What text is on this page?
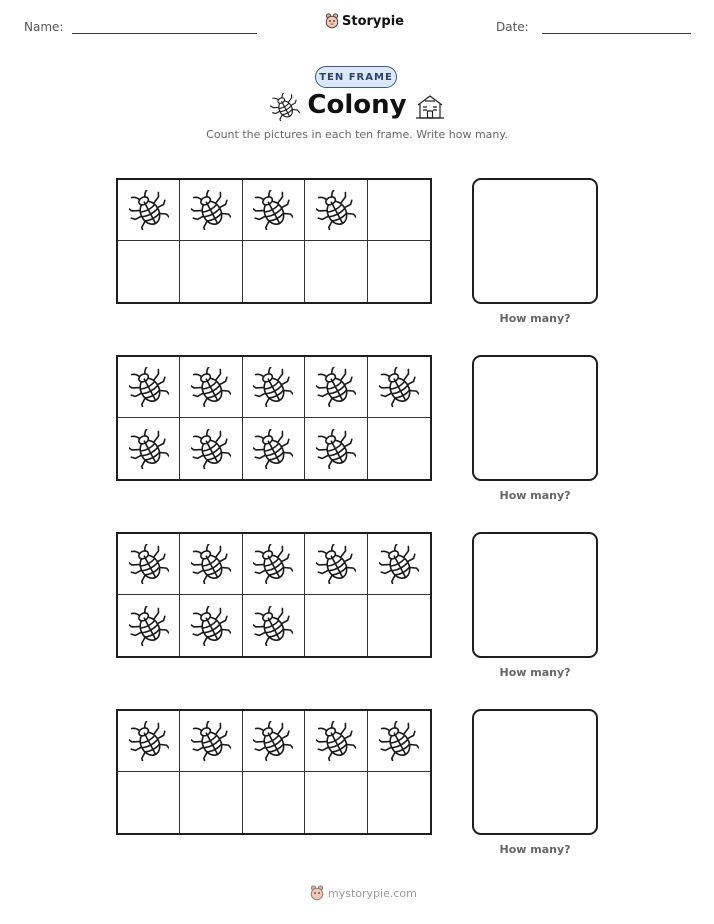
Name:	Storypie	Date:
TEN FRAME
Colony
Count the pictures in each ten frame. Write how many.
How many?
How many?
How many?
How many?
mystorypie.com
